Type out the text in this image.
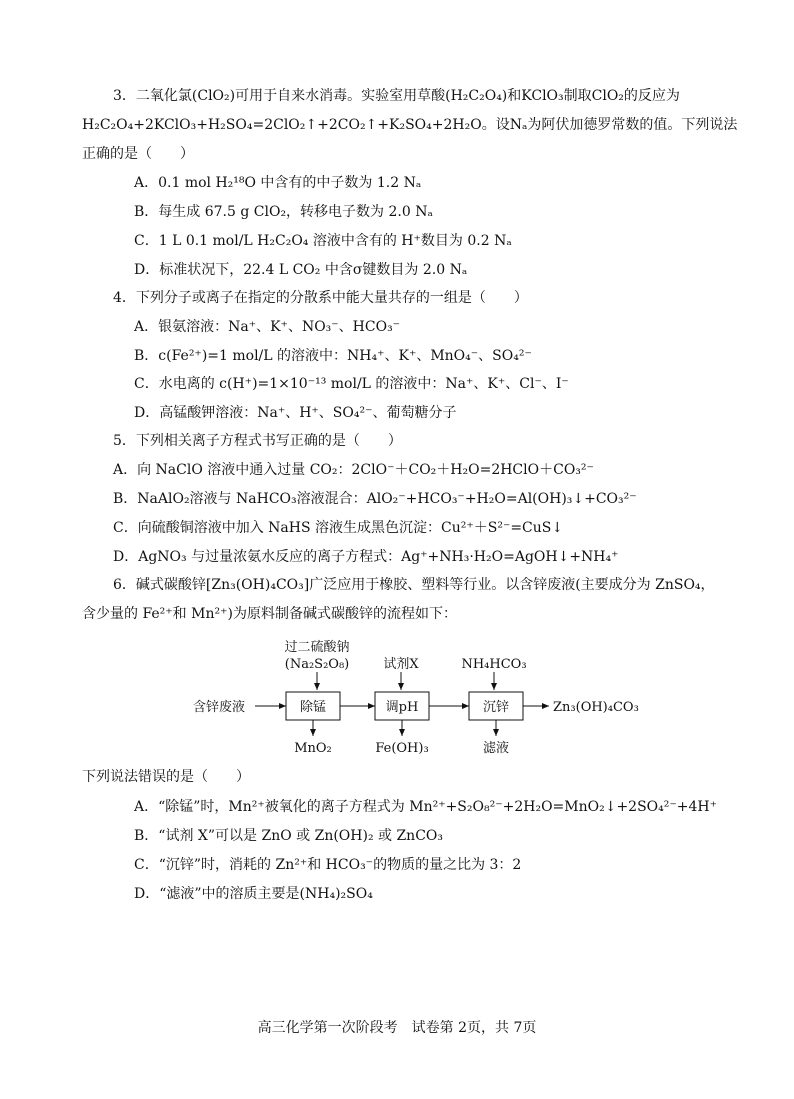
3．二氧化氯(ClO₂)可用于自来水消毒。实验室用草酸(H₂C₂O₄)和KClO₃制取ClO₂的反应为
H₂C₂O₄+2KClO₃+H₂SO₄=2ClO₂↑+2CO₂↑+K₂SO₄+2H₂O。设Nₐ为阿伏加德罗常数的值。下列说法
正确的是（　　）
A．0.1 mol H₂¹⁸O 中含有的中子数为 1.2 Nₐ
B．每生成 67.5 g ClO₂，转移电子数为 2.0 Nₐ
C．1 L 0.1 mol/L H₂C₂O₄ 溶液中含有的 H⁺数目为 0.2 Nₐ
D．标准状况下，22.4 L CO₂ 中含σ键数目为 2.0 Nₐ
4．下列分子或离子在指定的分散系中能大量共存的一组是（　　）
A．银氨溶液：Na⁺、K⁺、NO₃⁻、HCO₃⁻
B．c(Fe²⁺)=1 mol/L 的溶液中：NH₄⁺、K⁺、MnO₄⁻、SO₄²⁻
C．水电离的 c(H⁺)=1×10⁻¹³ mol/L 的溶液中：Na⁺、K⁺、Cl⁻、I⁻
D．高锰酸钾溶液：Na⁺、H⁺、SO₄²⁻、葡萄糖分子
5．下列相关离子方程式书写正确的是（　　）
A．向 NaClO 溶液中通入过量 CO₂：2ClO⁻＋CO₂＋H₂O=2HClO＋CO₃²⁻
B．NaAlO₂溶液与 NaHCO₃溶液混合：AlO₂⁻+HCO₃⁻+H₂O=Al(OH)₃↓+CO₃²⁻
C．向硫酸铜溶液中加入 NaHS 溶液生成黑色沉淀：Cu²⁺＋S²⁻=CuS↓
D．AgNO₃ 与过量浓氨水反应的离子方程式：Ag⁺+NH₃·H₂O=AgOH↓+NH₄⁺
6．碱式碳酸锌[Zn₃(OH)₄CO₃]广泛应用于橡胶、塑料等行业。以含锌废液(主要成分为 ZnSO₄，
含少量的 Fe²⁺和 Mn²⁺)为原料制备碱式碳酸锌的流程如下：
过二硫酸钠
(Na₂S₂O₈)	试剂X	NH₄HCO₃
含锌废液	除锰	调pH	沉锌	Zn₃(OH)₄CO₃
MnO₂	Fe(OH)₃	滤液
下列说法错误的是（　　）
A．“除锰”时，Mn²⁺被氧化的离子方程式为 Mn²⁺+S₂O₈²⁻+2H₂O=MnO₂↓+2SO₄²⁻+4H⁺
B．“试剂 X”可以是 ZnO 或 Zn(OH)₂ 或 ZnCO₃
C．“沉锌”时，消耗的 Zn²⁺和 HCO₃⁻的物质的量之比为 3：2
D．“滤液”中的溶质主要是(NH₄)₂SO₄
高三化学第一次阶段考　试卷第 2页，共 7页
